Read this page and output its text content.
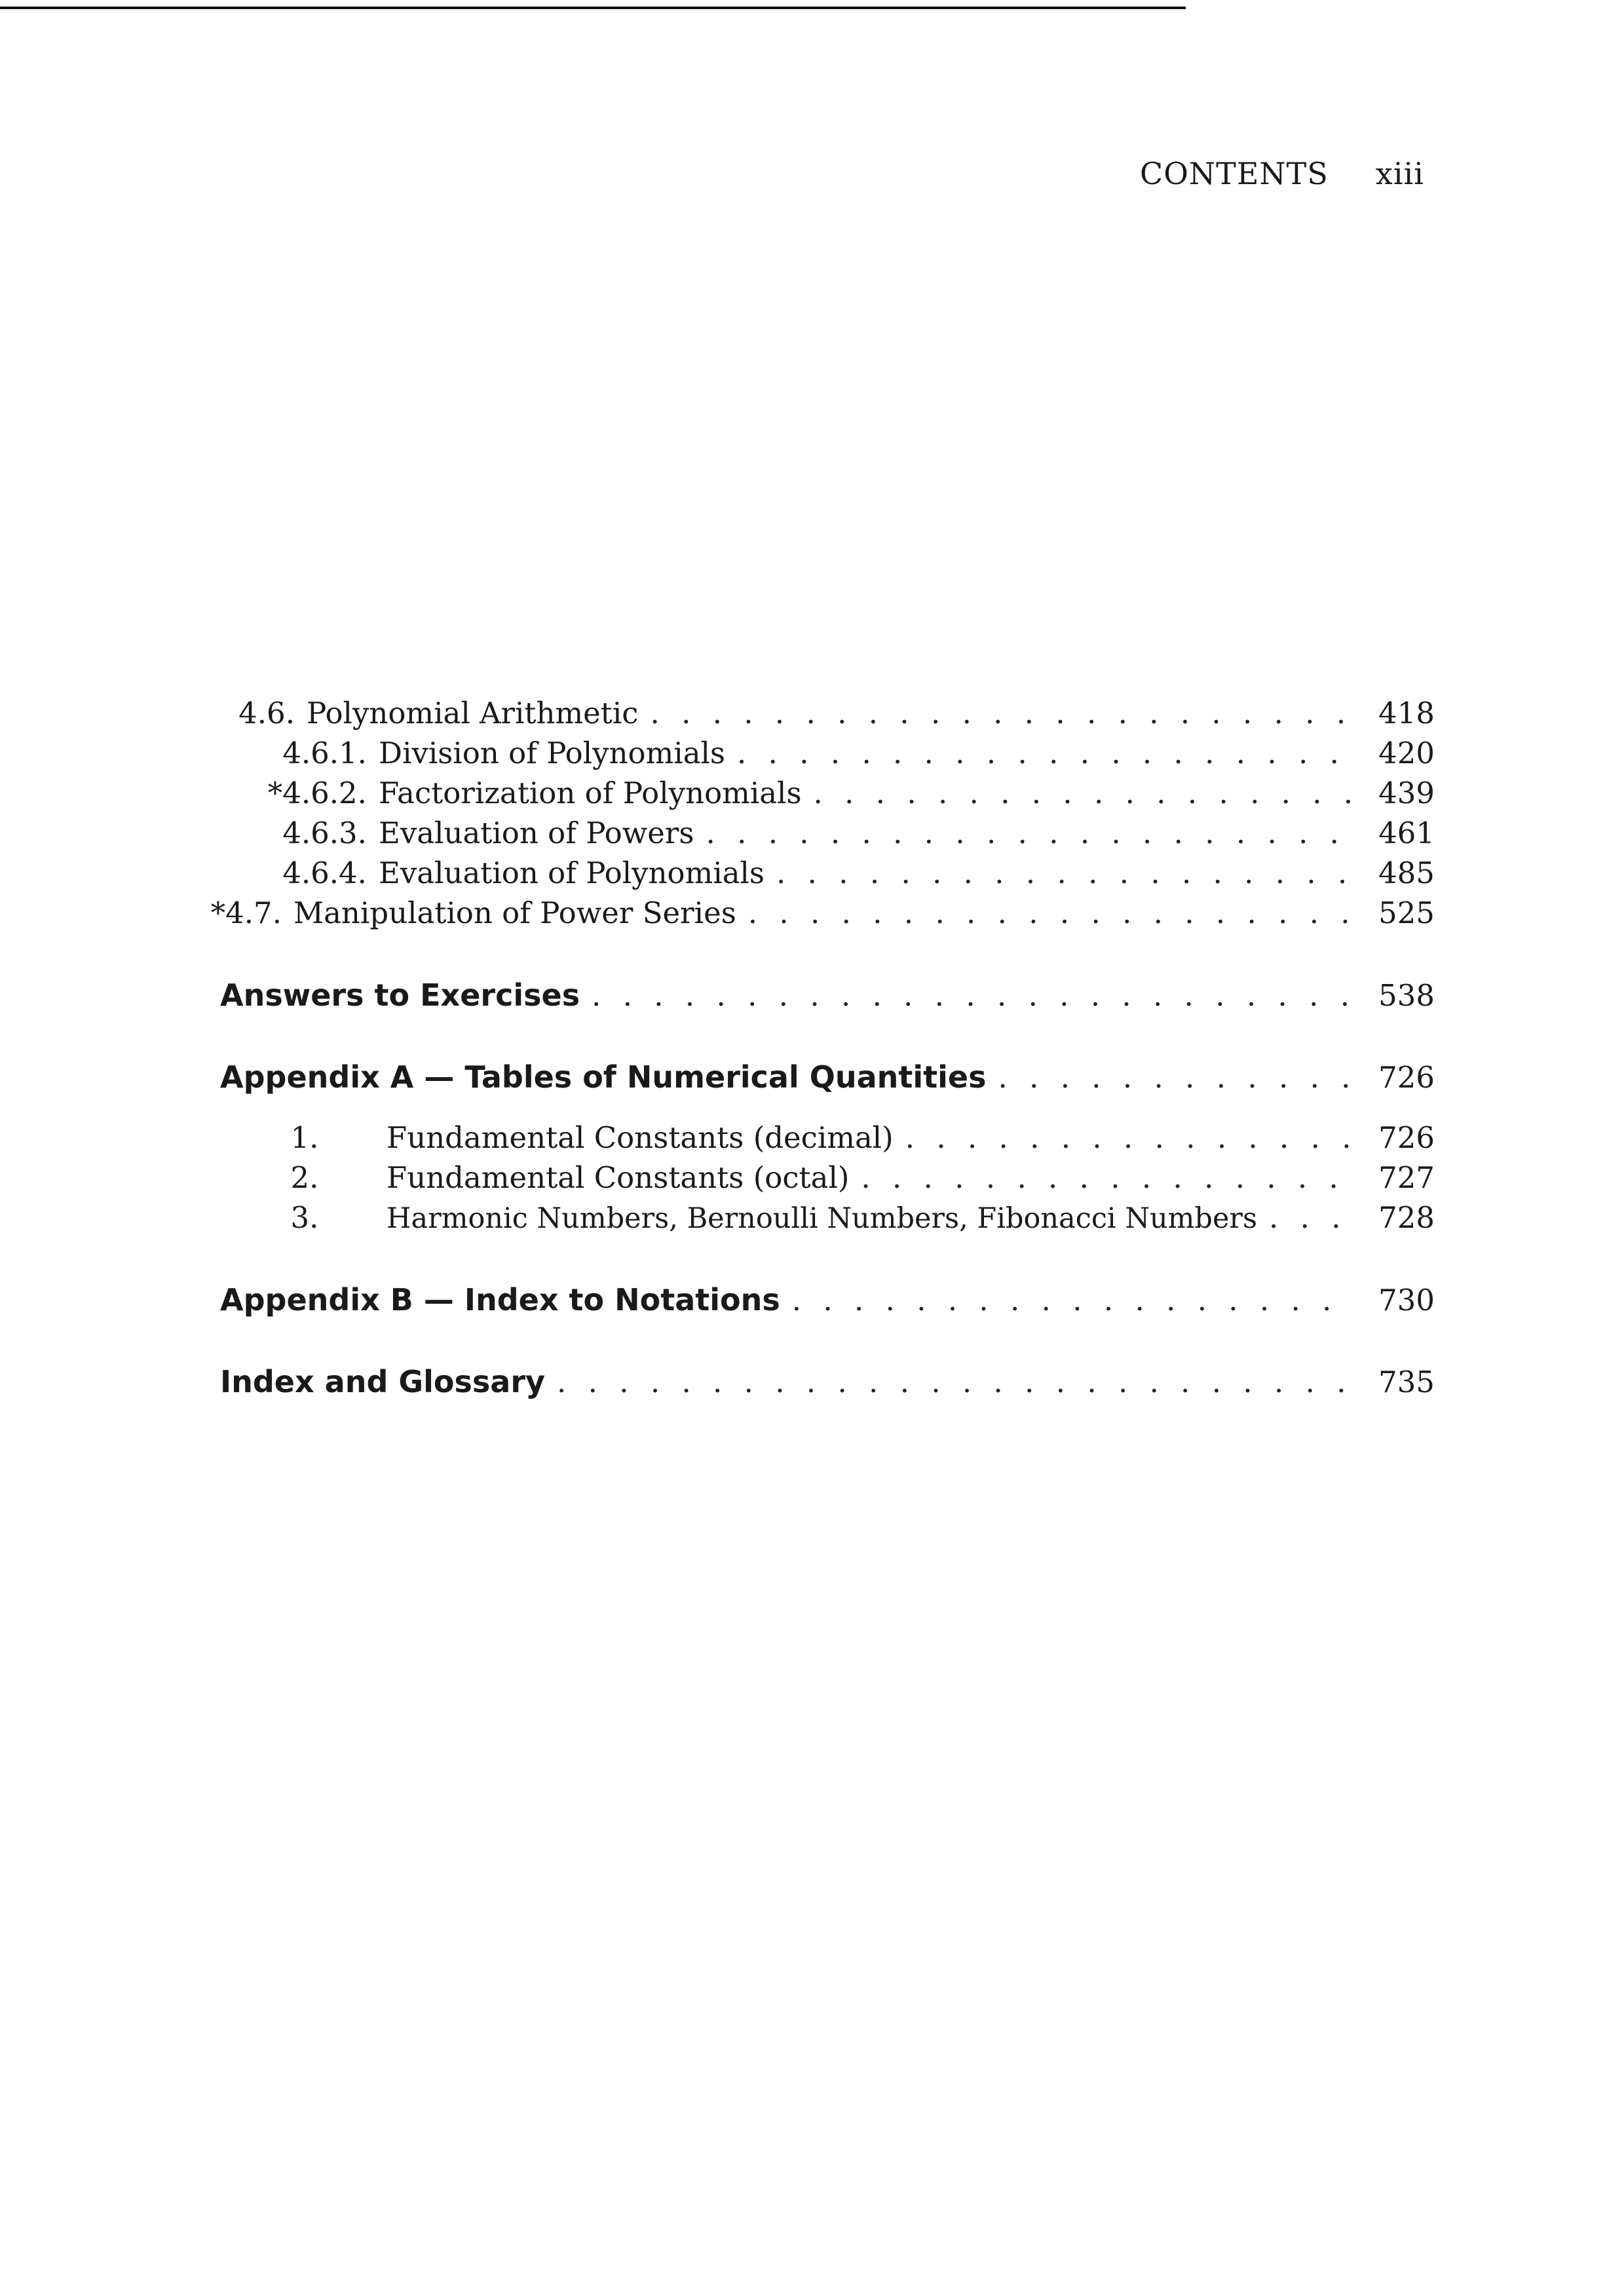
CONTENTS xiii
4.6. Polynomial Arithmetic . . .	418
4.6.1. Division of Polynomials . . .	420
*4.6.2. Factorization of Polynomials . . .	439
4.6.3. Evaluation of Powers . . .	461
4.6.4. Evaluation of Polynomials . . .	485
*4.7. Manipulation of Power Series . . .	525
Answers to Exercises . . .	538
Appendix A — Tables of Numerical Quantities . . .	726
1.	Fundamental Constants (decimal) . . .	726
2.	Fundamental Constants (octal) . . .	727
3.	Harmonic Numbers, Bernoulli Numbers, Fibonacci Numbers . . .	728
Appendix B — Index to Notations . . .	730
Index and Glossary . . .	735
